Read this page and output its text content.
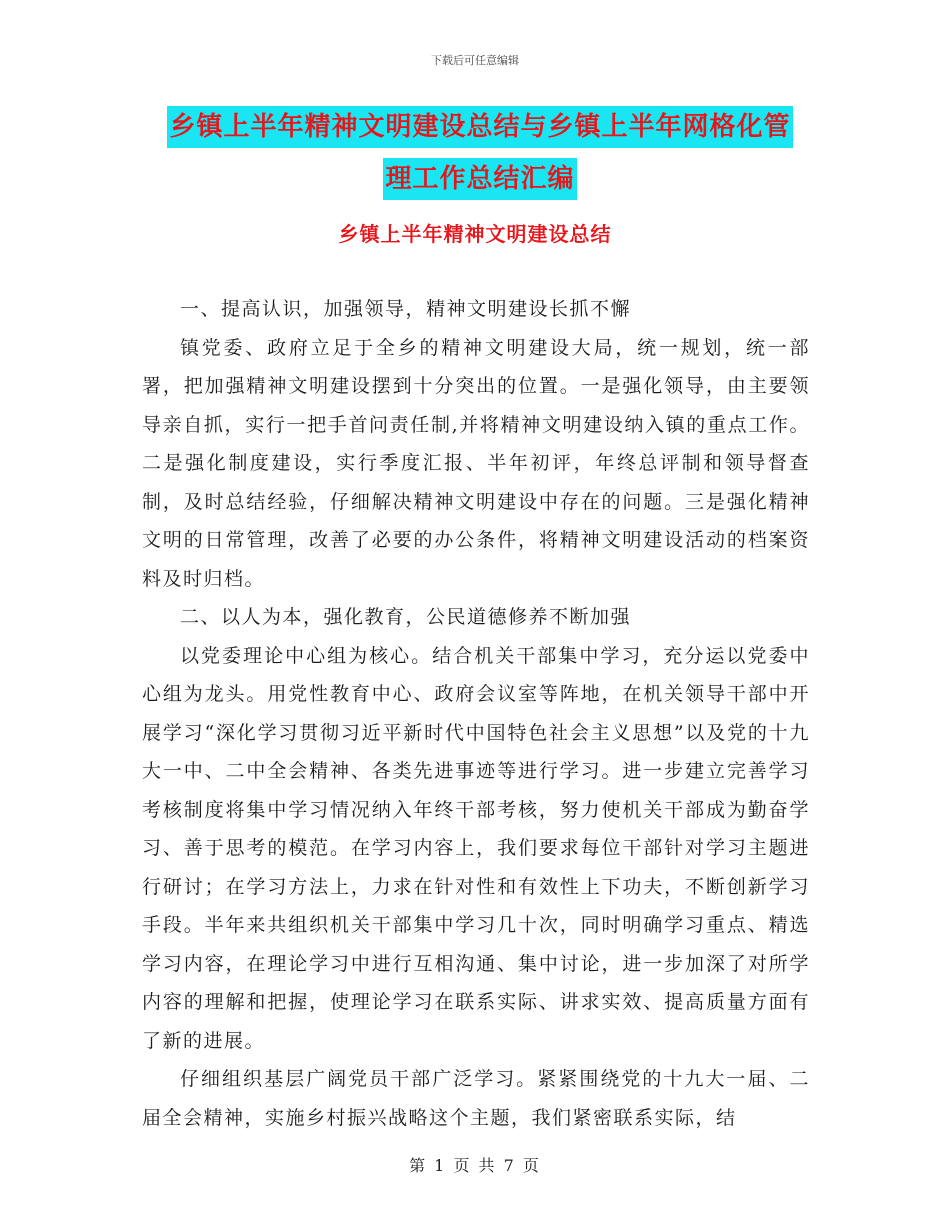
下载后可任意编辑
乡镇上半年精神文明建设总结与乡镇上半年网格化管
理工作总结汇编
乡镇上半年精神文明建设总结

一、提高认识，加强领导，精神文明建设长抓不懈

镇党委、政府立足于全乡的精神文明建设大局，统一规划，统一部署，把加强精神文明建设摆到十分突出的位置。一是强化领导，由主要领导亲自抓，实行一把手首问责任制,并将精神文明建设纳入镇的重点工作。二是强化制度建设，实行季度汇报、半年初评，年终总评制和领导督查制，及时总结经验，仔细解决精神文明建设中存在的问题。三是强化精神文明的日常管理，改善了必要的办公条件，将精神文明建设活动的档案资料及时归档。

二、以人为本，强化教育，公民道德修养不断加强

以党委理论中心组为核心。结合机关干部集中学习，充分运以党委中心组为龙头。用党性教育中心、政府会议室等阵地，在机关领导干部中开展学习“深化学习贯彻习近平新时代中国特色社会主义思想”以及党的十九大一中、二中全会精神、各类先进事迹等进行学习。进一步建立完善学习考核制度将集中学习情况纳入年终干部考核，努力使机关干部成为勤奋学习、善于思考的模范。在学习内容上，我们要求每位干部针对学习主题进行研讨；在学习方法上，力求在针对性和有效性上下功夫，不断创新学习手段。半年来共组织机关干部集中学习几十次，同时明确学习重点、精选学习内容，在理论学习中进行互相沟通、集中讨论，进一步加深了对所学内容的理解和把握，使理论学习在联系实际、讲求实效、提高质量方面有了新的进展。

仔细组织基层广阔党员干部广泛学习。紧紧围绕党的十九大一届、二届全会精神，实施乡村振兴战略这个主题，我们紧密联系实际，结

第 1 页 共 7 页
